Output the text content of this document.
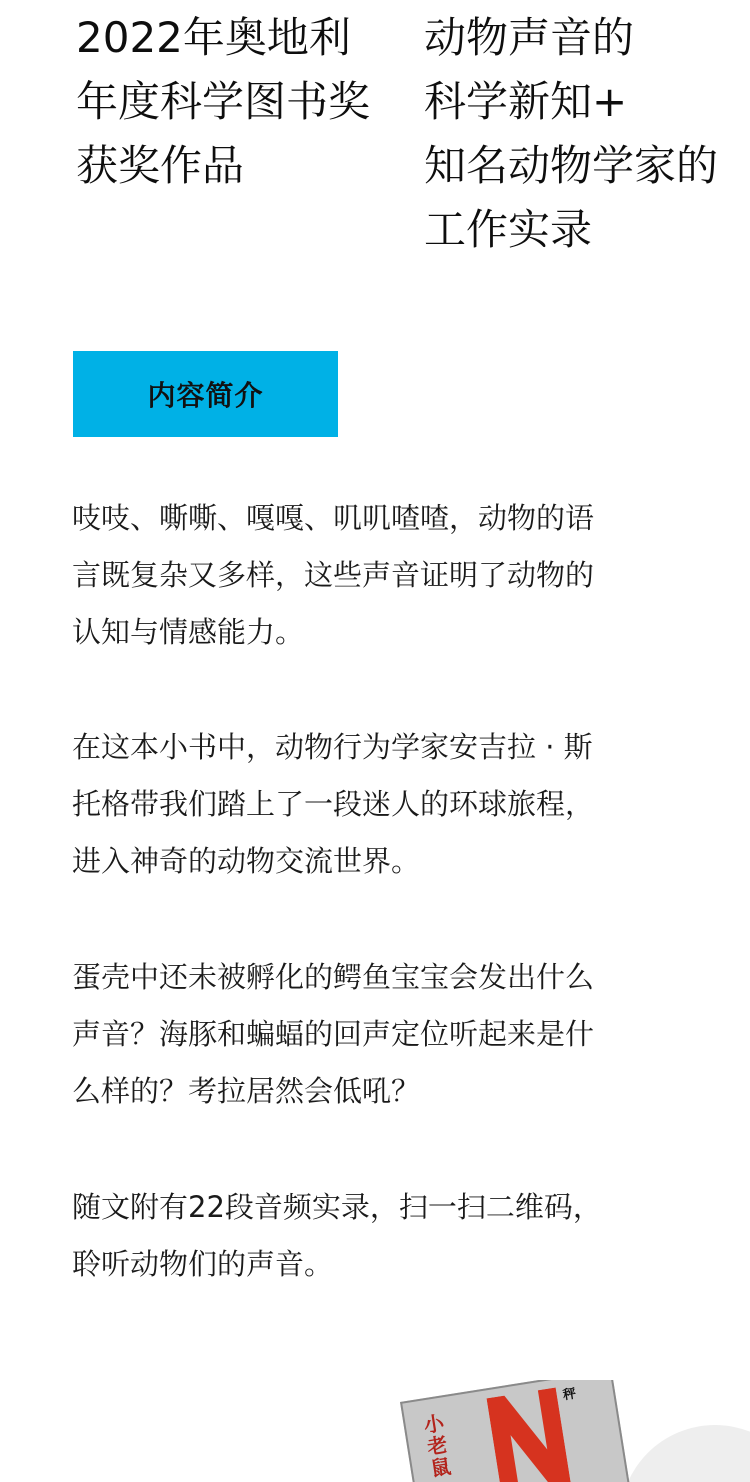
2022年奥地利
年度科学图书奖
获奖作品
动物声音的
科学新知+
知名动物学家的
工作实录
内容简介
吱吱、嘶嘶、嘎嘎、叽叽喳喳，动物的语
言既复杂又多样，这些声音证明了动物的
认知与情感能力。
在这本小书中，动物行为学家安吉拉 · 斯
托格带我们踏上了一段迷人的环球旅程，
进入神奇的动物交流世界。
蛋壳中还未被孵化的鳄鱼宝宝会发出什么
声音？海豚和蝙蝠的回声定位听起来是什
么样的？考拉居然会低吼？
随文附有22段音频实录，扫一扫二维码，
聆听动物们的声音。
小老鼠
秤
